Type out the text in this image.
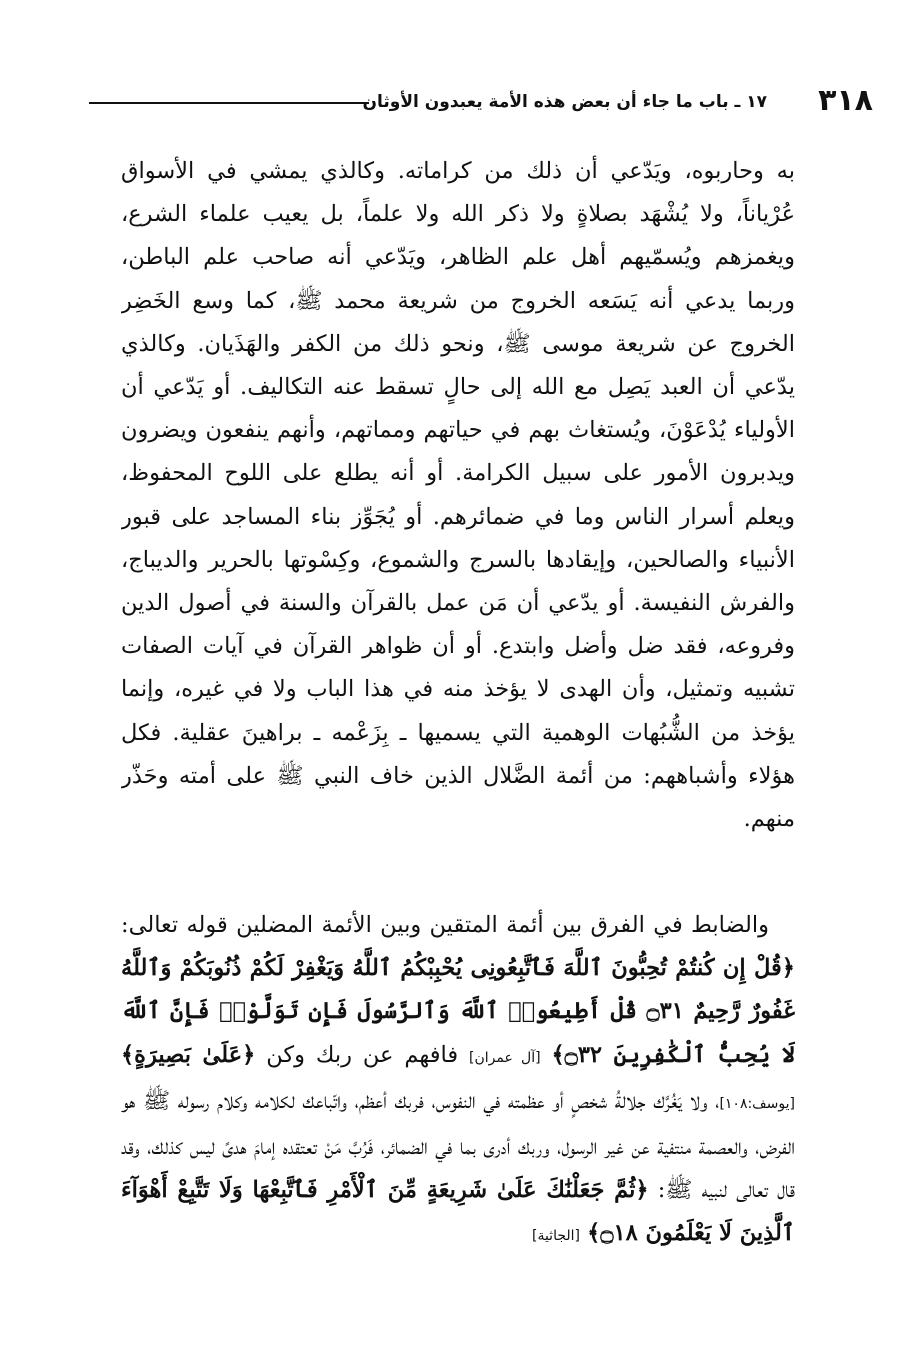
٣١٨
١٧ ـ باب ما جاء أن بعض هذه الأمة يعبدون الأوثان

به وحاربوه، ويَدّعي أن ذلك من كراماته. وكالذي يمشي في الأسواق عُرْياناً، ولا يُشْهَد بصلاةٍ ولا ذكر الله ولا علماً، بل يعيب علماء الشرع، ويغمزهم ويُسمّيهم أهل علم الظاهر، ويَدّعي أنه صاحب علم الباطن، وربما يدعي أنه يَسَعه الخروج من شريعة محمد ﷺ، كما وسع الخَضِر الخروج عن شريعة موسى ﷺ، ونحو ذلك من الكفر والهَذَيان. وكالذي يدّعي أن العبد يَصِل مع الله إلى حالٍ تسقط عنه التكاليف. أو يَدّعي أن الأولياء يُدْعَوْنَ، ويُستغاث بهم في حياتهم ومماتهم، وأنهم ينفعون ويضرون ويدبرون الأمور على سبيل الكرامة. أو أنه يطلع على اللوح المحفوظ، ويعلم أسرار الناس وما في ضمائرهم. أو يُجَوِّز بناء المساجد على قبور الأنبياء والصالحين، وإيقادها بالسرج والشموع، وكِسْوتها بالحرير والديباج، والفرش النفيسة. أو يدّعي أن مَن عمل بالقرآن والسنة في أصول الدين وفروعه، فقد ضل وأضل وابتدع. أو أن ظواهر القرآن في آيات الصفات تشبيه وتمثيل، وأن الهدى لا يؤخذ منه في هذا الباب ولا في غيره، وإنما يؤخذ من الشُّبُهات الوهمية التي يسميها ـ بِزَعْمه ـ براهينَ عقلية. فكل هؤلاء وأشباههم: من أئمة الضَّلال الذين خاف النبي ﷺ على أمته وحَذّر منهم.

والضابط في الفرق بين أئمة المتقين وبين الأئمة المضلين قوله تعالى: ﴿قُلْ إِن كُنتُمْ تُحِبُّونَ ٱللَّهَ فَٱتَّبِعُونِى يُحْبِبْكُمُ ٱللَّهُ وَيَغْفِرْ لَكُمْ ذُنُوبَكُمْ وَٱللَّهُ غَفُورٌ رَّحِيمٌ ۝٣١ قُلْ أَطِيعُوا۟ ٱللَّهَ وَٱلرَّسُولَ فَإِن تَوَلَّوْا۟ فَإِنَّ ٱللَّهَ لَا يُحِبُّ ٱلْكَٰفِرِينَ ۝٣٢﴾ [آل عمران] فافهم عن ربك وكن ﴿عَلَىٰ بَصِيرَةٍ﴾ [يوسف:١٠٨]، ولا يَغُرَّك جلالةُ شخصٍ أو عظمته في النفوس، فربك أعظم، واتّباعك لكلامه وكلام رسوله ﷺ هو الفرض، والعصمة منتفية عن غير الرسول، وربك أدرى بما في الضمائر، فَرُبَّ مَنْ تعتقده إمامَ هدىً ليس كذلك، وقد قال تعالى لنبيه ﷺ: ﴿ثُمَّ جَعَلْنَٰكَ عَلَىٰ شَرِيعَةٍ مِّنَ ٱلْأَمْرِ فَٱتَّبِعْهَا وَلَا تَتَّبِعْ أَهْوَآءَ ٱلَّذِينَ لَا يَعْلَمُونَ ۝١٨﴾ [الجاثية]
